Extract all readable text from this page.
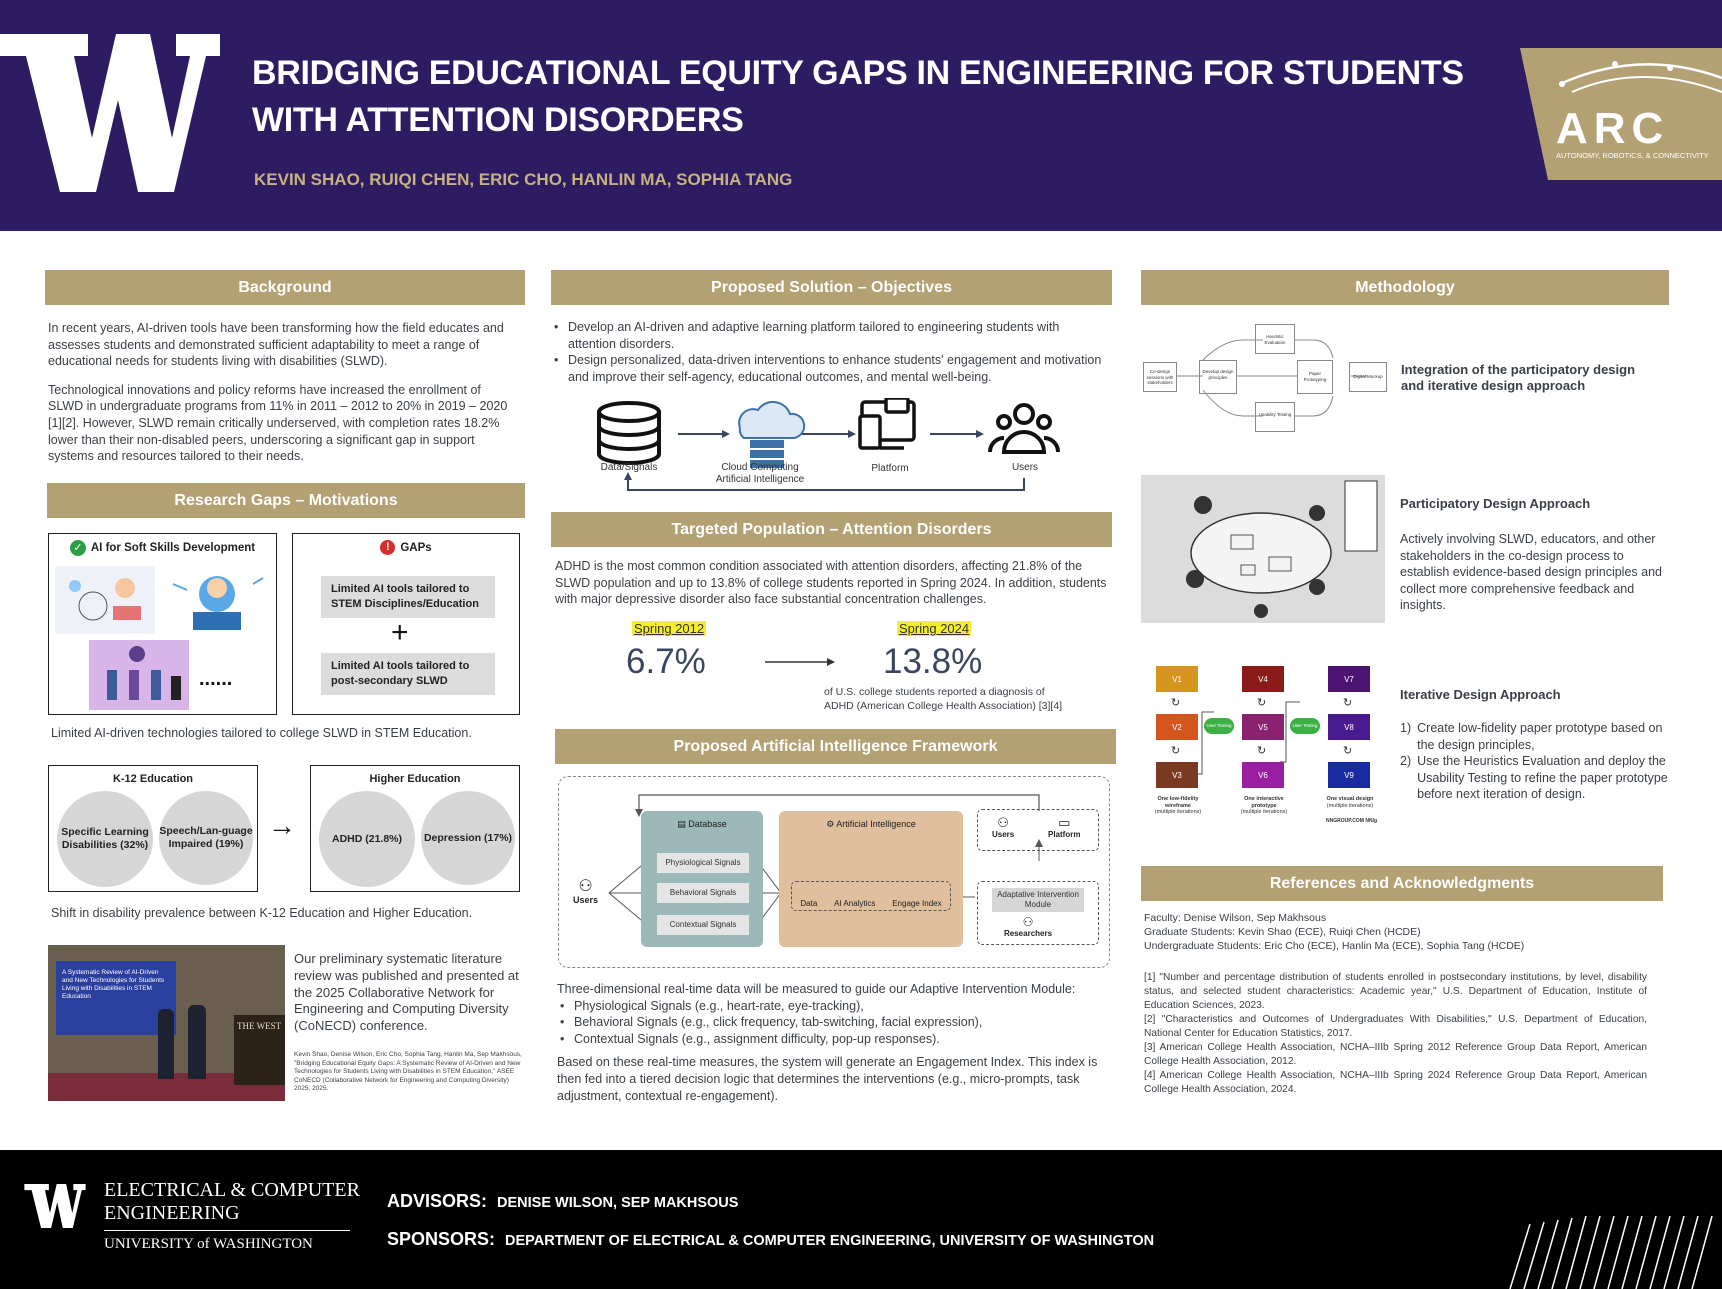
BRIDGING EDUCATIONAL EQUITY GAPS IN ENGINEERING FOR STUDENTS
WITH ATTENTION DISORDERS
KEVIN SHAO, RUIQI CHEN, ERIC CHO, HANLIN MA, SOPHIA TANG
ARC
AUTONOMY, ROBOTICS, & CONNECTIVITY
Background

In recent years, AI-driven tools have been transforming how the field educates and assesses students and demonstrated sufficient adaptability to meet a range of educational needs for students living with disabilities (SLWD).

Technological innovations and policy reforms have increased the enrollment of SLWD in undergraduate programs from 11% in 2011 – 2012 to 20% in 2019 – 2020 [1][2]. However, SLWD remain critically underserved, with completion rates 18.2% lower than their non-disabled peers, underscoring a significant gap in support systems and resources tailored to their needs.

Research Gaps – Motivations
✓ AI for Soft Skills Development
......
! GAPs
Limited AI tools tailored to STEM Disciplines/Education
+
Limited AI tools tailored to post-secondary SLWD
Limited AI-driven technologies tailored to college SLWD in STEM Education.
K-12 Education
Specific Learning Disabilities (32%)
Speech/Lan-guage Impaired (19%)
→
Higher Education
ADHD (21.8%)	Depression (17%)
Shift in disability prevalence between K-12 Education and Higher Education.
A Systematic Review of AI-Driven and New Technologies for Students Living with Disabilities in STEM Education
THE WEST
Our preliminary systematic literature review was published and presented at the 2025 Collaborative Network for Engineering and Computing Diversity (CoNECD) conference.
Kevin Shao, Denise Wilson, Eric Cho, Sophia Tang, Hanlin Ma, Sep Makhsous, "Bridging Educational Equity Gaps: A Systematic Review of AI-Driven and New Technologies for Students Living with Disabilities in STEM Education," ASEE CoNECD (Collaborative Network for Engineering and Computing Diversity) 2025, 2025.
Proposed Solution – Objectives
• Develop an AI-driven and adaptive learning platform tailored to engineering students with attention disorders.
• Design personalized, data-driven interventions to enhance students' engagement and motivation and improve their self-agency, educational outcomes, and mental well-being.
Data/Signals	Cloud Computing
Artificial Intelligence
Platform	Users
Targeted Population – Attention Disorders
ADHD is the most common condition associated with attention disorders, affecting 21.8% of the SLWD population and up to 13.8% of college students reported in Spring 2024. In addition, students with major depressive disorder also face substantial concentration challenges.
Spring 2012
6.7%
Spring 2024
13.8%
of U.S. college students reported a diagnosis of
ADHD (American College Health Association) [3][4]
Proposed Artificial Intelligence Framework
⚇
Users
▤ Database
Physiological Signals
Behavioral Signals
Contextual Signals
⚙ Artificial Intelligence
Data AI Analytics Engage Index
⚇
Users
▭
Platform
Adaptative Intervention Module
⚇
Researchers

Three-dimensional real-time data will be measured to guide our Adaptive Intervention Module:

• Physiological Signals (e.g., heart-rate, eye-tracking),
• Behavioral Signals (e.g., click frequency, tab-switching, facial expression),
• Contextual Signals (e.g., assignment difficulty, pop-up responses).

Based on these real-time measures, the system will generate an Engagement Index. This index is then fed into a tiered decision logic that determines the interventions (e.g., micro-prompts, task adjustment, contextual re-engagement).

Methodology
Co-design sessions with stakeholders
Develop design principles
Heuristic Evaluation
Usability Testing
Paper Prototyping	Digital Mockup	Integration of the participatory design and iterative design approach
Participatory Design Approach
Actively involving SLWD, educators, and other stakeholders in the co-design process to establish evidence-based design principles and collect more comprehensive feedback and insights.
V1
↻
V2
↻
V3
User Testing
V4
↻
V5
↻
V6
User Testing
V7
↻
V8
↻
V9
One low-fidelity wireframe
(multiple iterations)
One interactive prototype
(multiple iterations)
One visual design
(multiple iterations)
NNGROUP.COM NN/g
Iterative Design Approach
1) Create low-fidelity paper prototype based on the design principles,
2) Use the Heuristics Evaluation and deploy the Usability Testing to refine the paper prototype before next iteration of design.
References and Acknowledgments
Faculty: Denise Wilson, Sep Makhsous
Graduate Students: Kevin Shao (ECE), Ruiqi Chen (HCDE)
Undergraduate Students: Eric Cho (ECE), Hanlin Ma (ECE), Sophia Tang (HCDE)

[1] "Number and percentage distribution of students enrolled in postsecondary institutions, by level, disability status, and selected student characteristics: Academic year," U.S. Department of Education, Institute of Education Sciences, 2023.

[2] "Characteristics and Outcomes of Undergraduates With Disabilities," U.S. Department of Education, National Center for Education Statistics, 2017.

[3] American College Health Association, NCHA–IIIb Spring 2012 Reference Group Data Report, American College Health Association, 2012.

[4] American College Health Association, NCHA–IIIb Spring 2024 Reference Group Data Report, American College Health Association, 2024.

ELECTRICAL & COMPUTER
ENGINEERING
UNIVERSITY of WASHINGTON
ADVISORS: DENISE WILSON, SEP MAKHSOUS
SPONSORS: DEPARTMENT OF ELECTRICAL & COMPUTER ENGINEERING, UNIVERSITY OF WASHINGTON
